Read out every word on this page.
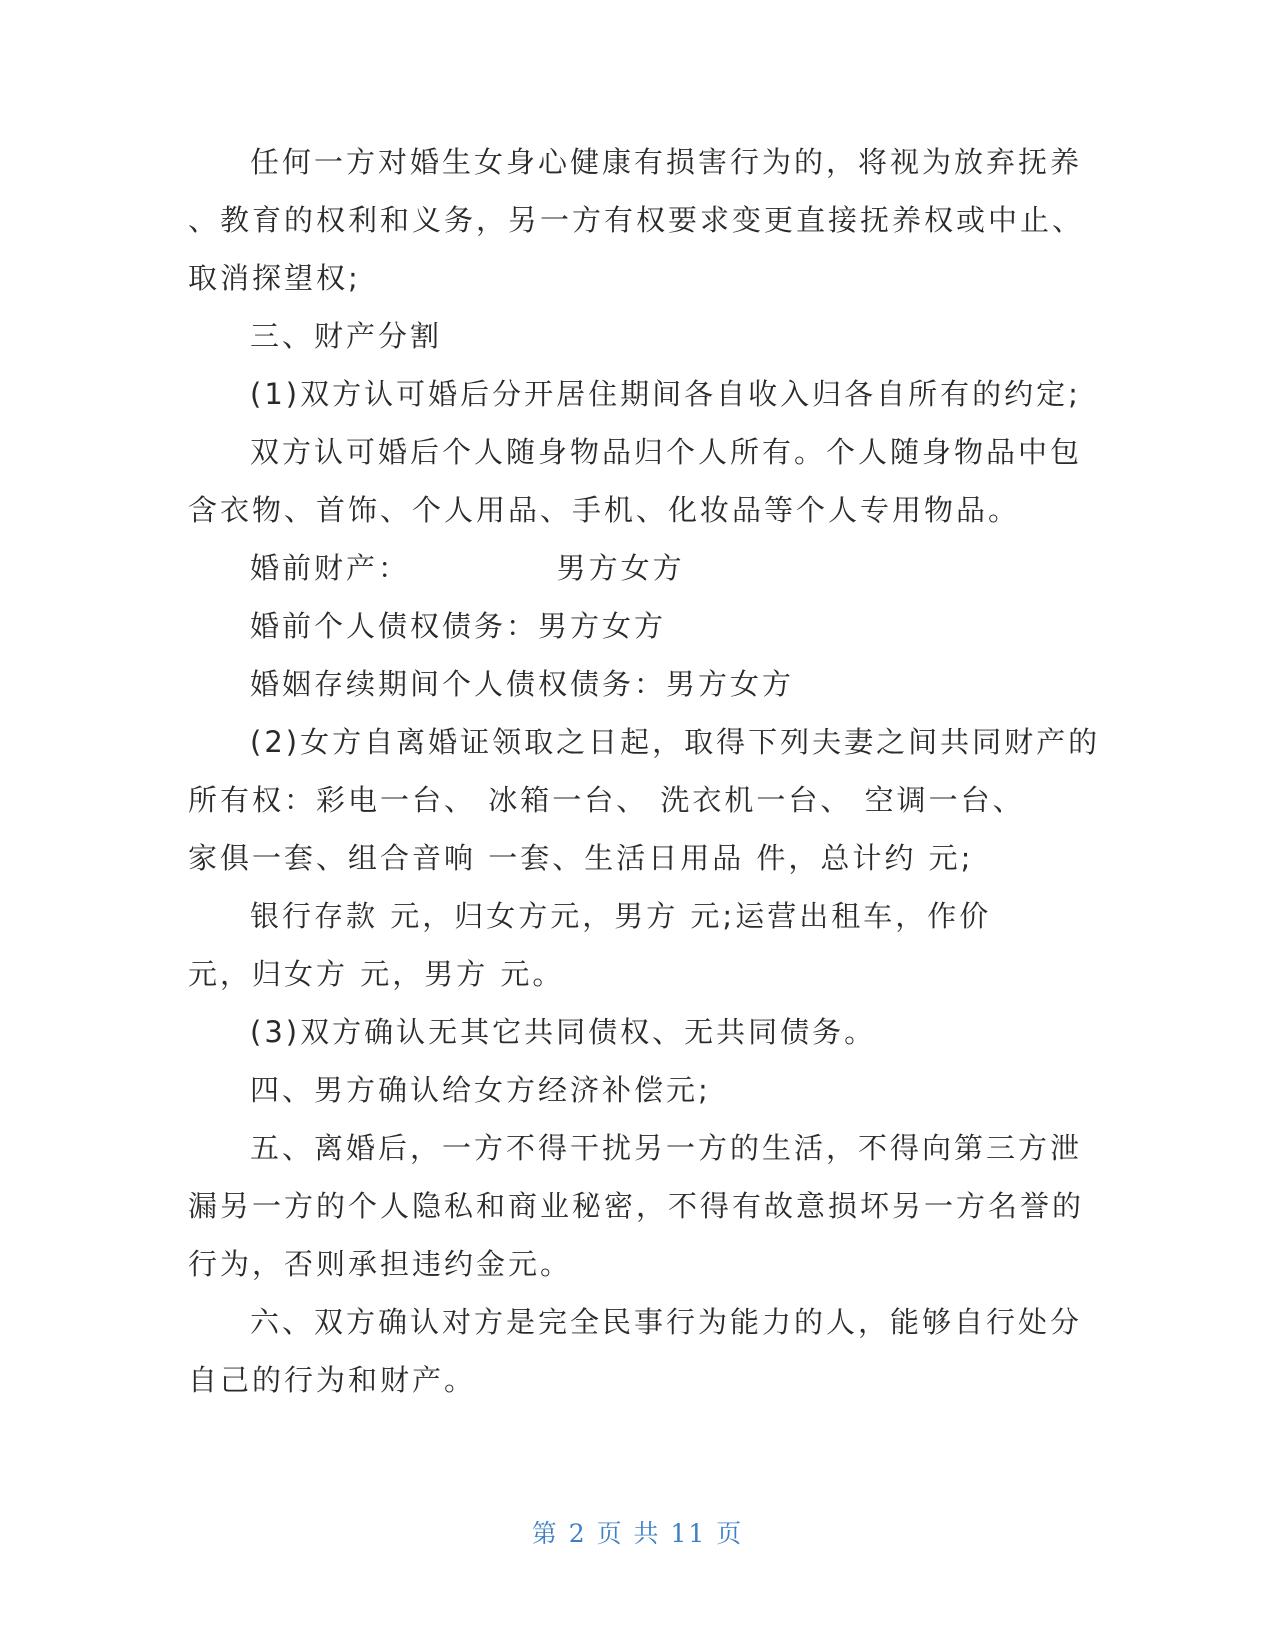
任何一方对婚生女身心健康有损害行为的，将视为放弃抚养
、教育的权利和义务，另一方有权要求变更直接抚养权或中止、
取消探望权;
三、财产分割
(1)双方认可婚后分开居住期间各自收入归各自所有的约定;
双方认可婚后个人随身物品归个人所有。个人随身物品中包
含衣物、首饰、个人用品、手机、化妆品等个人专用物品。
婚前财产：            男方女方
婚前个人债权债务：男方女方
婚姻存续期间个人债权债务：男方女方
(2)女方自离婚证领取之日起，取得下列夫妻之间共同财产的
所有权：彩电一台、 冰箱一台、 洗衣机一台、 空调一台、
家俱一套、组合音响 一套、生活日用品 件，总计约 元;
银行存款 元，归女方元，男方 元;运营出租车，作价
元，归女方 元，男方 元。
(3)双方确认无其它共同债权、无共同债务。
四、男方确认给女方经济补偿元;
五、离婚后，一方不得干扰另一方的生活，不得向第三方泄
漏另一方的个人隐私和商业秘密，不得有故意损坏另一方名誉的
行为，否则承担违约金元。
六、双方确认对方是完全民事行为能力的人，能够自行处分
自己的行为和财产。
第 2 页 共 11 页
